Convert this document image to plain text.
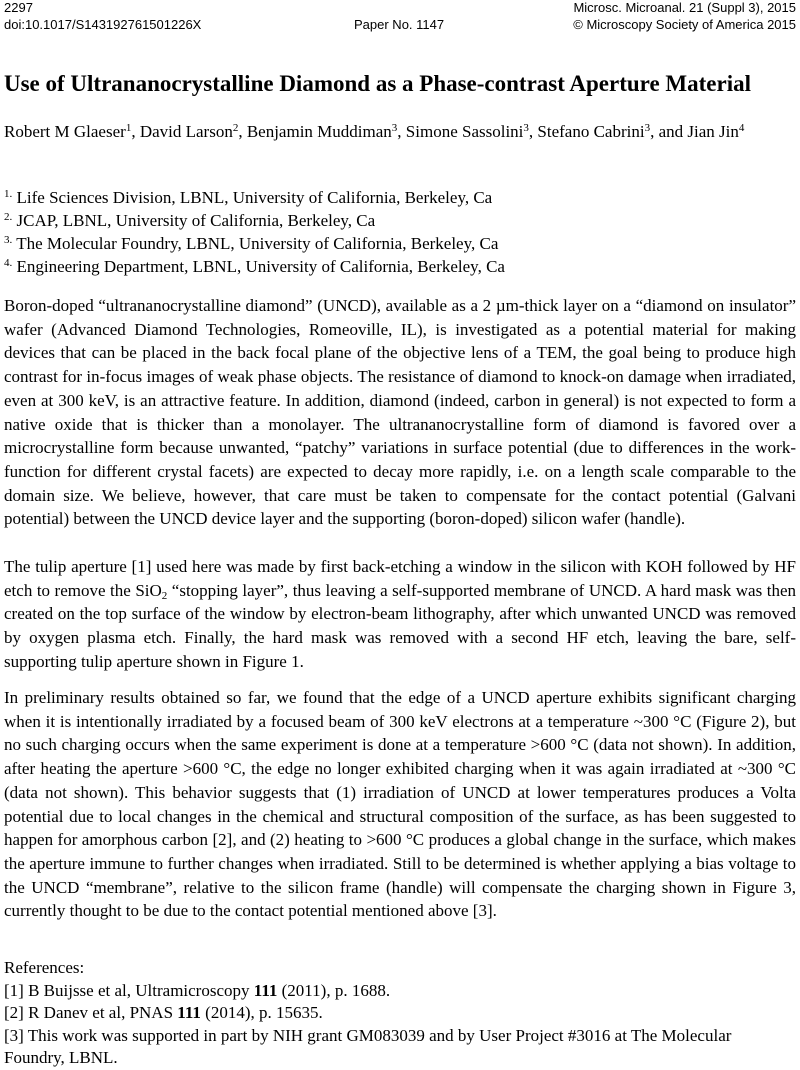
2297	Microsc. Microanal. 21 (Suppl 3), 2015
doi:10.1017/S143192761501226X	Paper No. 1147	© Microscopy Society of America 2015
Use of Ultrananocrystalline Diamond as a Phase-contrast Aperture Material
Robert M Glaeser$^1$, David Larson$^2$, Benjamin Muddiman$^3$, Simone Sassolini$^3$, Stefano Cabrini$^3$, and Jian Jin$^4$
$^{1.}$ Life Sciences Division, LBNL, University of California, Berkeley, Ca
$^{2.}$ JCAP, LBNL, University of California, Berkeley, Ca
$^{3.}$ The Molecular Foundry, LBNL, University of California, Berkeley, Ca
$^{4.}$ Engineering Department, LBNL, University of California, Berkeley, Ca
Boron-doped “ultrananocrystalline diamond” (UNCD), available as a 2 µm-thick layer on a “diamond on insulator” wafer (Advanced Diamond Technologies, Romeoville, IL), is investigated as a potential material for making devices that can be placed in the back focal plane of the objective lens of a TEM, the goal being to produce high contrast for in-focus images of weak phase objects. The resistance of diamond to knock-on damage when irradiated, even at 300 keV, is an attractive feature. In addition, diamond (indeed, carbon in general) is not expected to form a native oxide that is thicker than a monolayer. The ultrananocrystalline form of diamond is favored over a microcrystalline form because unwanted, “patchy” variations in surface potential (due to differences in the work-function for different crystal facets) are expected to decay more rapidly, i.e. on a length scale comparable to the domain size. We believe, however, that care must be taken to compensate for the contact potential (Galvani potential) between the UNCD device layer and the supporting (boron-doped) silicon wafer (handle).
The tulip aperture [1] used here was made by first back-etching a window in the silicon with KOH followed by HF etch to remove the SiO$_2$ “stopping layer”, thus leaving a self-supported membrane of UNCD. A hard mask was then created on the top surface of the window by electron-beam lithography, after which unwanted UNCD was removed by oxygen plasma etch. Finally, the hard mask was removed with a second HF etch, leaving the bare, self-supporting tulip aperture shown in Figure 1.
In preliminary results obtained so far, we found that the edge of a UNCD aperture exhibits significant charging when it is intentionally irradiated by a focused beam of 300 keV electrons at a temperature ~300 °C (Figure 2), but no such charging occurs when the same experiment is done at a temperature >600 °C (data not shown). In addition, after heating the aperture >600 °C, the edge no longer exhibited charging when it was again irradiated at ~300 °C (data not shown). This behavior suggests that (1) irradiation of UNCD at lower temperatures produces a Volta potential due to local changes in the chemical and structural composition of the surface, as has been suggested to happen for amorphous carbon [2], and (2) heating to >600 °C produces a global change in the surface, which makes the aperture immune to further changes when irradiated. Still to be determined is whether applying a bias voltage to the UNCD “membrane”, relative to the silicon frame (handle) will compensate the charging shown in Figure 3, currently thought to be due to the contact potential mentioned above [3].
References:
[1] B Buijsse et al, Ultramicroscopy 111 (2011), p. 1688.
[2] R Danev et al, PNAS 111 (2014), p. 15635.
[3] This work was supported in part by NIH grant GM083039 and by User Project #3016 at The Molecular Foundry, LBNL.
